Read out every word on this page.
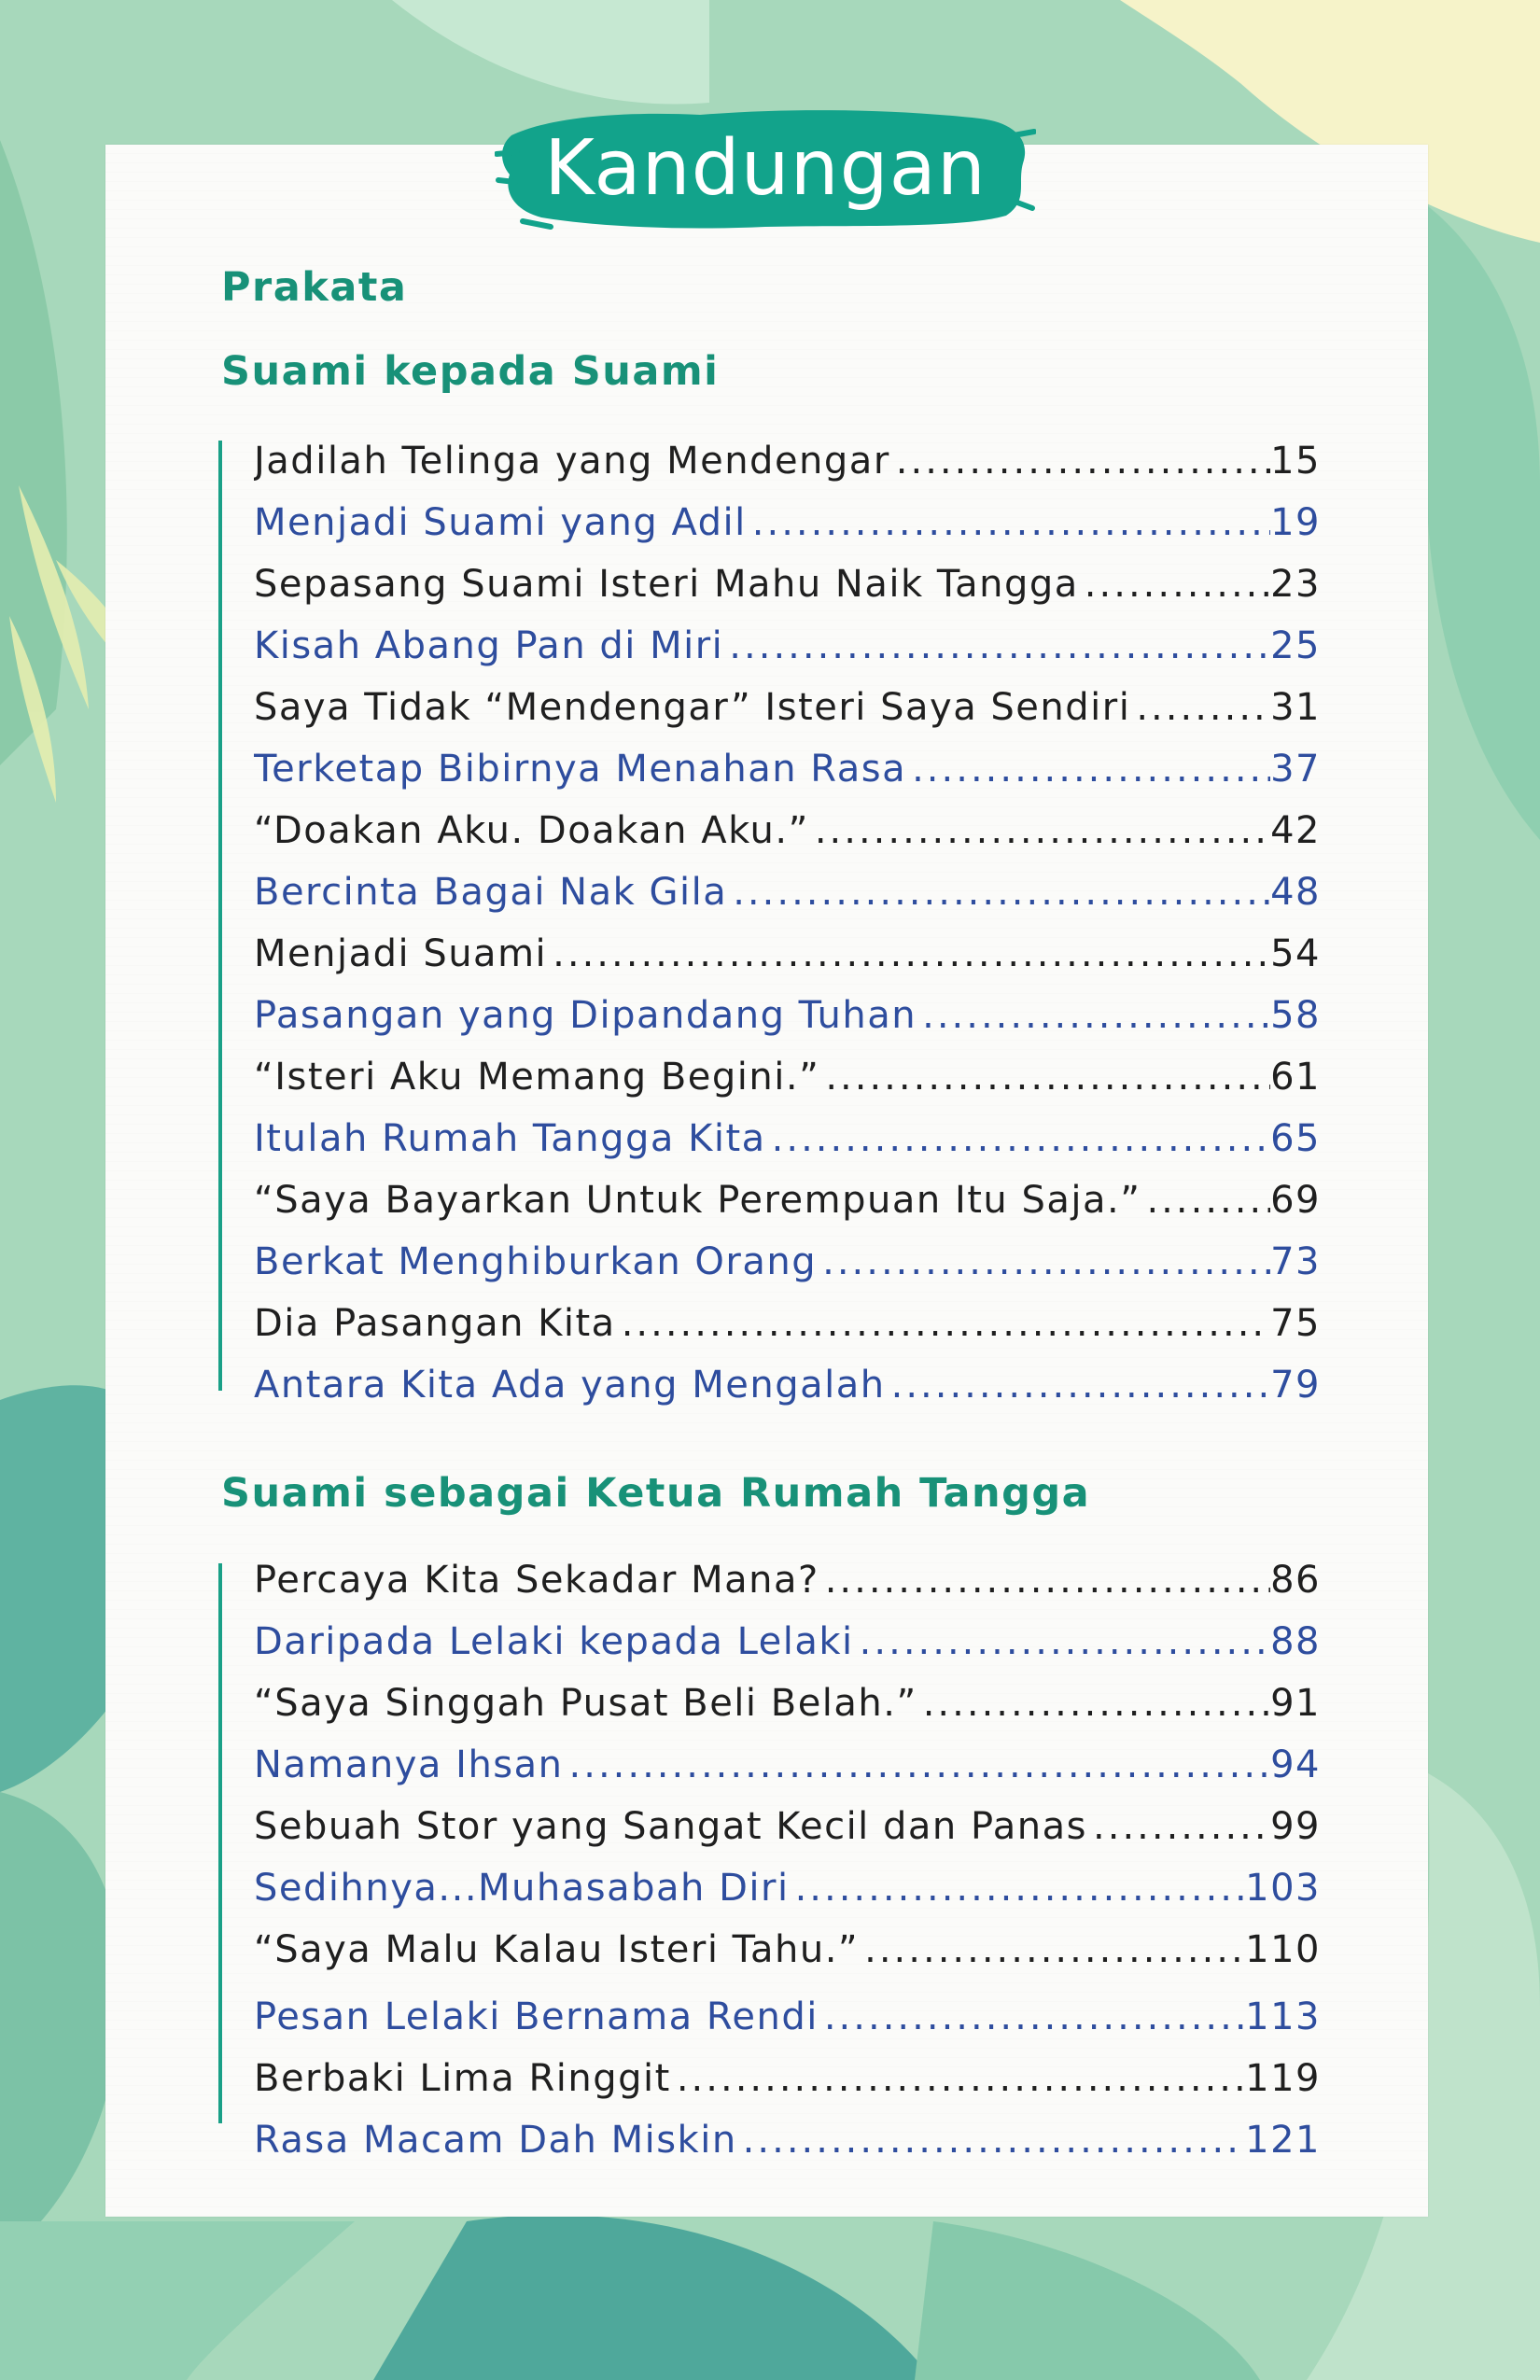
Kandungan
Prakata
Suami kepada Suami
Jadilah Telinga yang Mendengar .....	15
Menjadi Suami yang Adil .....	19
Sepasang Suami Isteri Mahu Naik Tangga .....	23
Kisah Abang Pan di Miri .....	25
Saya Tidak “Mendengar” Isteri Saya Sendiri .....	31
Terketap Bibirnya Menahan Rasa .....	37
“Doakan Aku. Doakan Aku.” .....	42
Bercinta Bagai Nak Gila .....	48
Menjadi Suami .....	54
Pasangan yang Dipandang Tuhan .....	58
“Isteri Aku Memang Begini.” .....	61
Itulah Rumah Tangga Kita .....	65
“Saya Bayarkan Untuk Perempuan Itu Saja.” .....	69
Berkat Menghiburkan Orang .....	73
Dia Pasangan Kita .....	75
Antara Kita Ada yang Mengalah .....	79
Suami sebagai Ketua Rumah Tangga
Percaya Kita Sekadar Mana? .....	86
Daripada Lelaki kepada Lelaki .....	88
“Saya Singgah Pusat Beli Belah.” .....	91
Namanya Ihsan .....	94
Sebuah Stor yang Sangat Kecil dan Panas .....	99
Sedihnya...Muhasabah Diri .....	103
“Saya Malu Kalau Isteri Tahu.” .....	110
Pesan Lelaki Bernama Rendi .....	113
Berbaki Lima Ringgit .....	119
Rasa Macam Dah Miskin .....	121
